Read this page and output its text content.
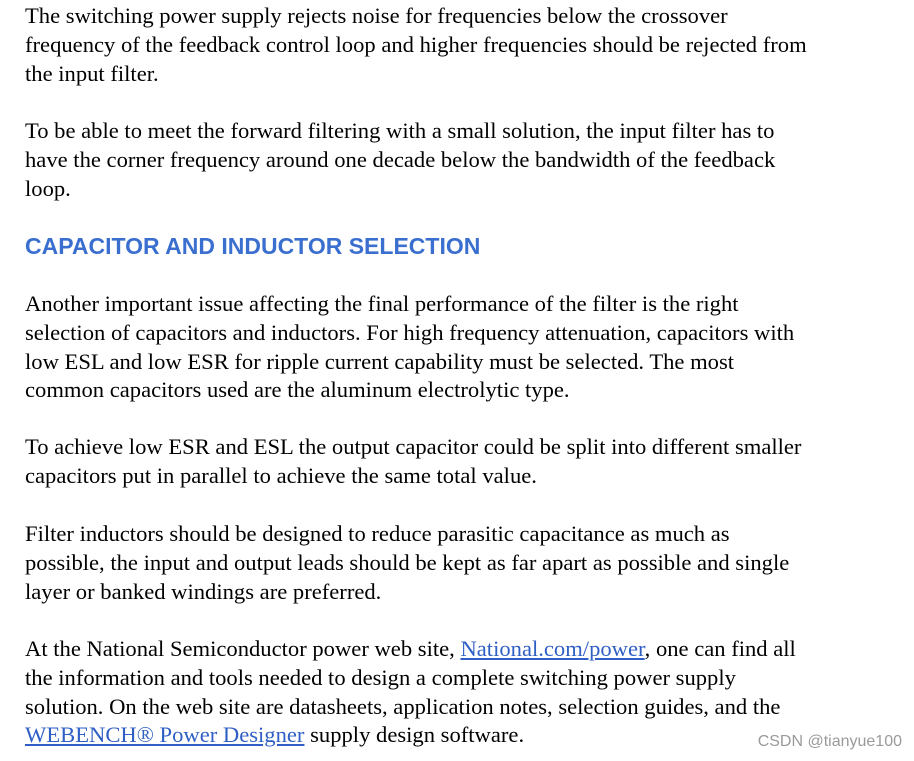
The switching power supply rejects noise for frequencies below the crossover
frequency of the feedback control loop and higher frequencies should be rejected from
the input filter.

To be able to meet the forward filtering with a small solution, the input filter has to
have the corner frequency around one decade below the bandwidth of the feedback
loop.

CAPACITOR AND INDUCTOR SELECTION

Another important issue affecting the final performance of the filter is the right
selection of capacitors and inductors. For high frequency attenuation, capacitors with
low ESL and low ESR for ripple current capability must be selected. The most
common capacitors used are the aluminum electrolytic type.

To achieve low ESR and ESL the output capacitor could be split into different smaller
capacitors put in parallel to achieve the same total value.

Filter inductors should be designed to reduce parasitic capacitance as much as
possible, the input and output leads should be kept as far apart as possible and single
layer or banked windings are preferred.

At the National Semiconductor power web site, National.com/power, one can find all
the information and tools needed to design a complete switching power supply
solution. On the web site are datasheets, application notes, selection guides, and the
WEBENCH® Power Designer supply design software.	CSDN @tianyue100
